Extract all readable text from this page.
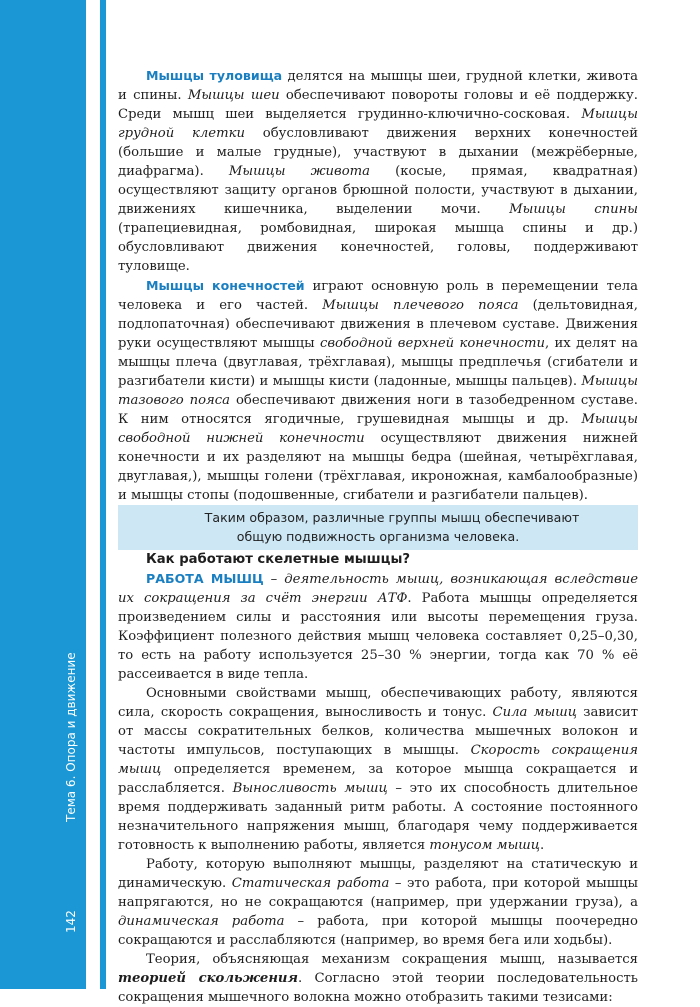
Тема 6. Опора и движение
142

Мышцы туловища делятся на мышцы шеи, грудной клетки, живота и спины. Мышцы шеи обеспечивают повороты головы и её поддержку. Среди мышц шеи выделяется грудинно-ключично-сосковая. Мышцы грудной клетки обусловливают движения верхних конечностей (большие и малые грудные), участвуют в дыхании (межрёберные, диафрагма). Мышцы живота (косые, прямая, квадратная) осуществляют защиту органов брюшной полости, участвуют в дыхании, движениях кишечника, выделении мочи. Мышцы спины (трапециевидная, ромбовидная, широкая мышца спины и др.) обусловливают движения конечностей, головы, поддерживают туловище.

Мышцы конечностей играют основную роль в перемещении тела человека и его частей. Мышцы плечевого пояса (дельтовидная, подлопаточная) обеспечивают движения в плечевом суставе. Движения руки осуществляют мышцы свободной верхней конечности, их делят на мышцы плеча (двуглавая, трёхглавая), мышцы предплечья (сгибатели и разгибатели кисти) и мышцы кисти (ладонные, мышцы пальцев). Мышцы тазового пояса обеспечивают движения ноги в тазобедренном суставе. К ним относятся ягодичные, грушевидная мышцы и др. Мышцы свободной нижней конечности осуществляют движения нижней конечности и их разделяют на мышцы бедра (шейная, четырёхглавая, двуглавая,), мышцы голени (трёхглавая, икроножная, камбалообразные) и мышцы стопы (подошвенные, сгибатели и разгибатели пальцев).

Таким образом, различные группы мышц обеспечивают
общую подвижность организма человека.

Как работают скелетные мышцы?

РАБОТА МЫШЦ – деятельность мышц, возникающая вследствие их сокращения за счёт энергии АТФ. Работа мышцы определяется произведением силы и расстояния или высоты перемещения груза. Коэффициент полезного действия мышц человека составляет 0,25–0,30, то есть на работу используется 25–30 % энергии, тогда как 70 % её рассеивается в виде тепла.

Основными свойствами мышц, обеспечивающих работу, являются сила, скорость сокращения, выносливость и тонус. Сила мышц зависит от массы сократительных белков, количества мышечных волокон и частоты импульсов, поступающих в мышцы. Скорость сокращения мышц определяется временем, за которое мышца сокращается и расслабляется. Выносливость мышц – это их способность длительное время поддерживать заданный ритм работы. А состояние постоянного незначительного напряжения мышц, благодаря чему поддерживается готовность к выполнению работы, является тонусом мышц.

Работу, которую выполняют мышцы, разделяют на статическую и динамическую. Статическая работа – это работа, при которой мышцы напрягаются, но не сокращаются (например, при удержании груза), а динамическая работа – работа, при которой мышцы поочередно сокращаются и расслабляются (например, во время бега или ходьбы).

Теория, объясняющая механизм сокращения мышц, называется теорией скольжения. Согласно этой теории последовательность сокращения мышечного волокна можно отобразить такими тезисами:
